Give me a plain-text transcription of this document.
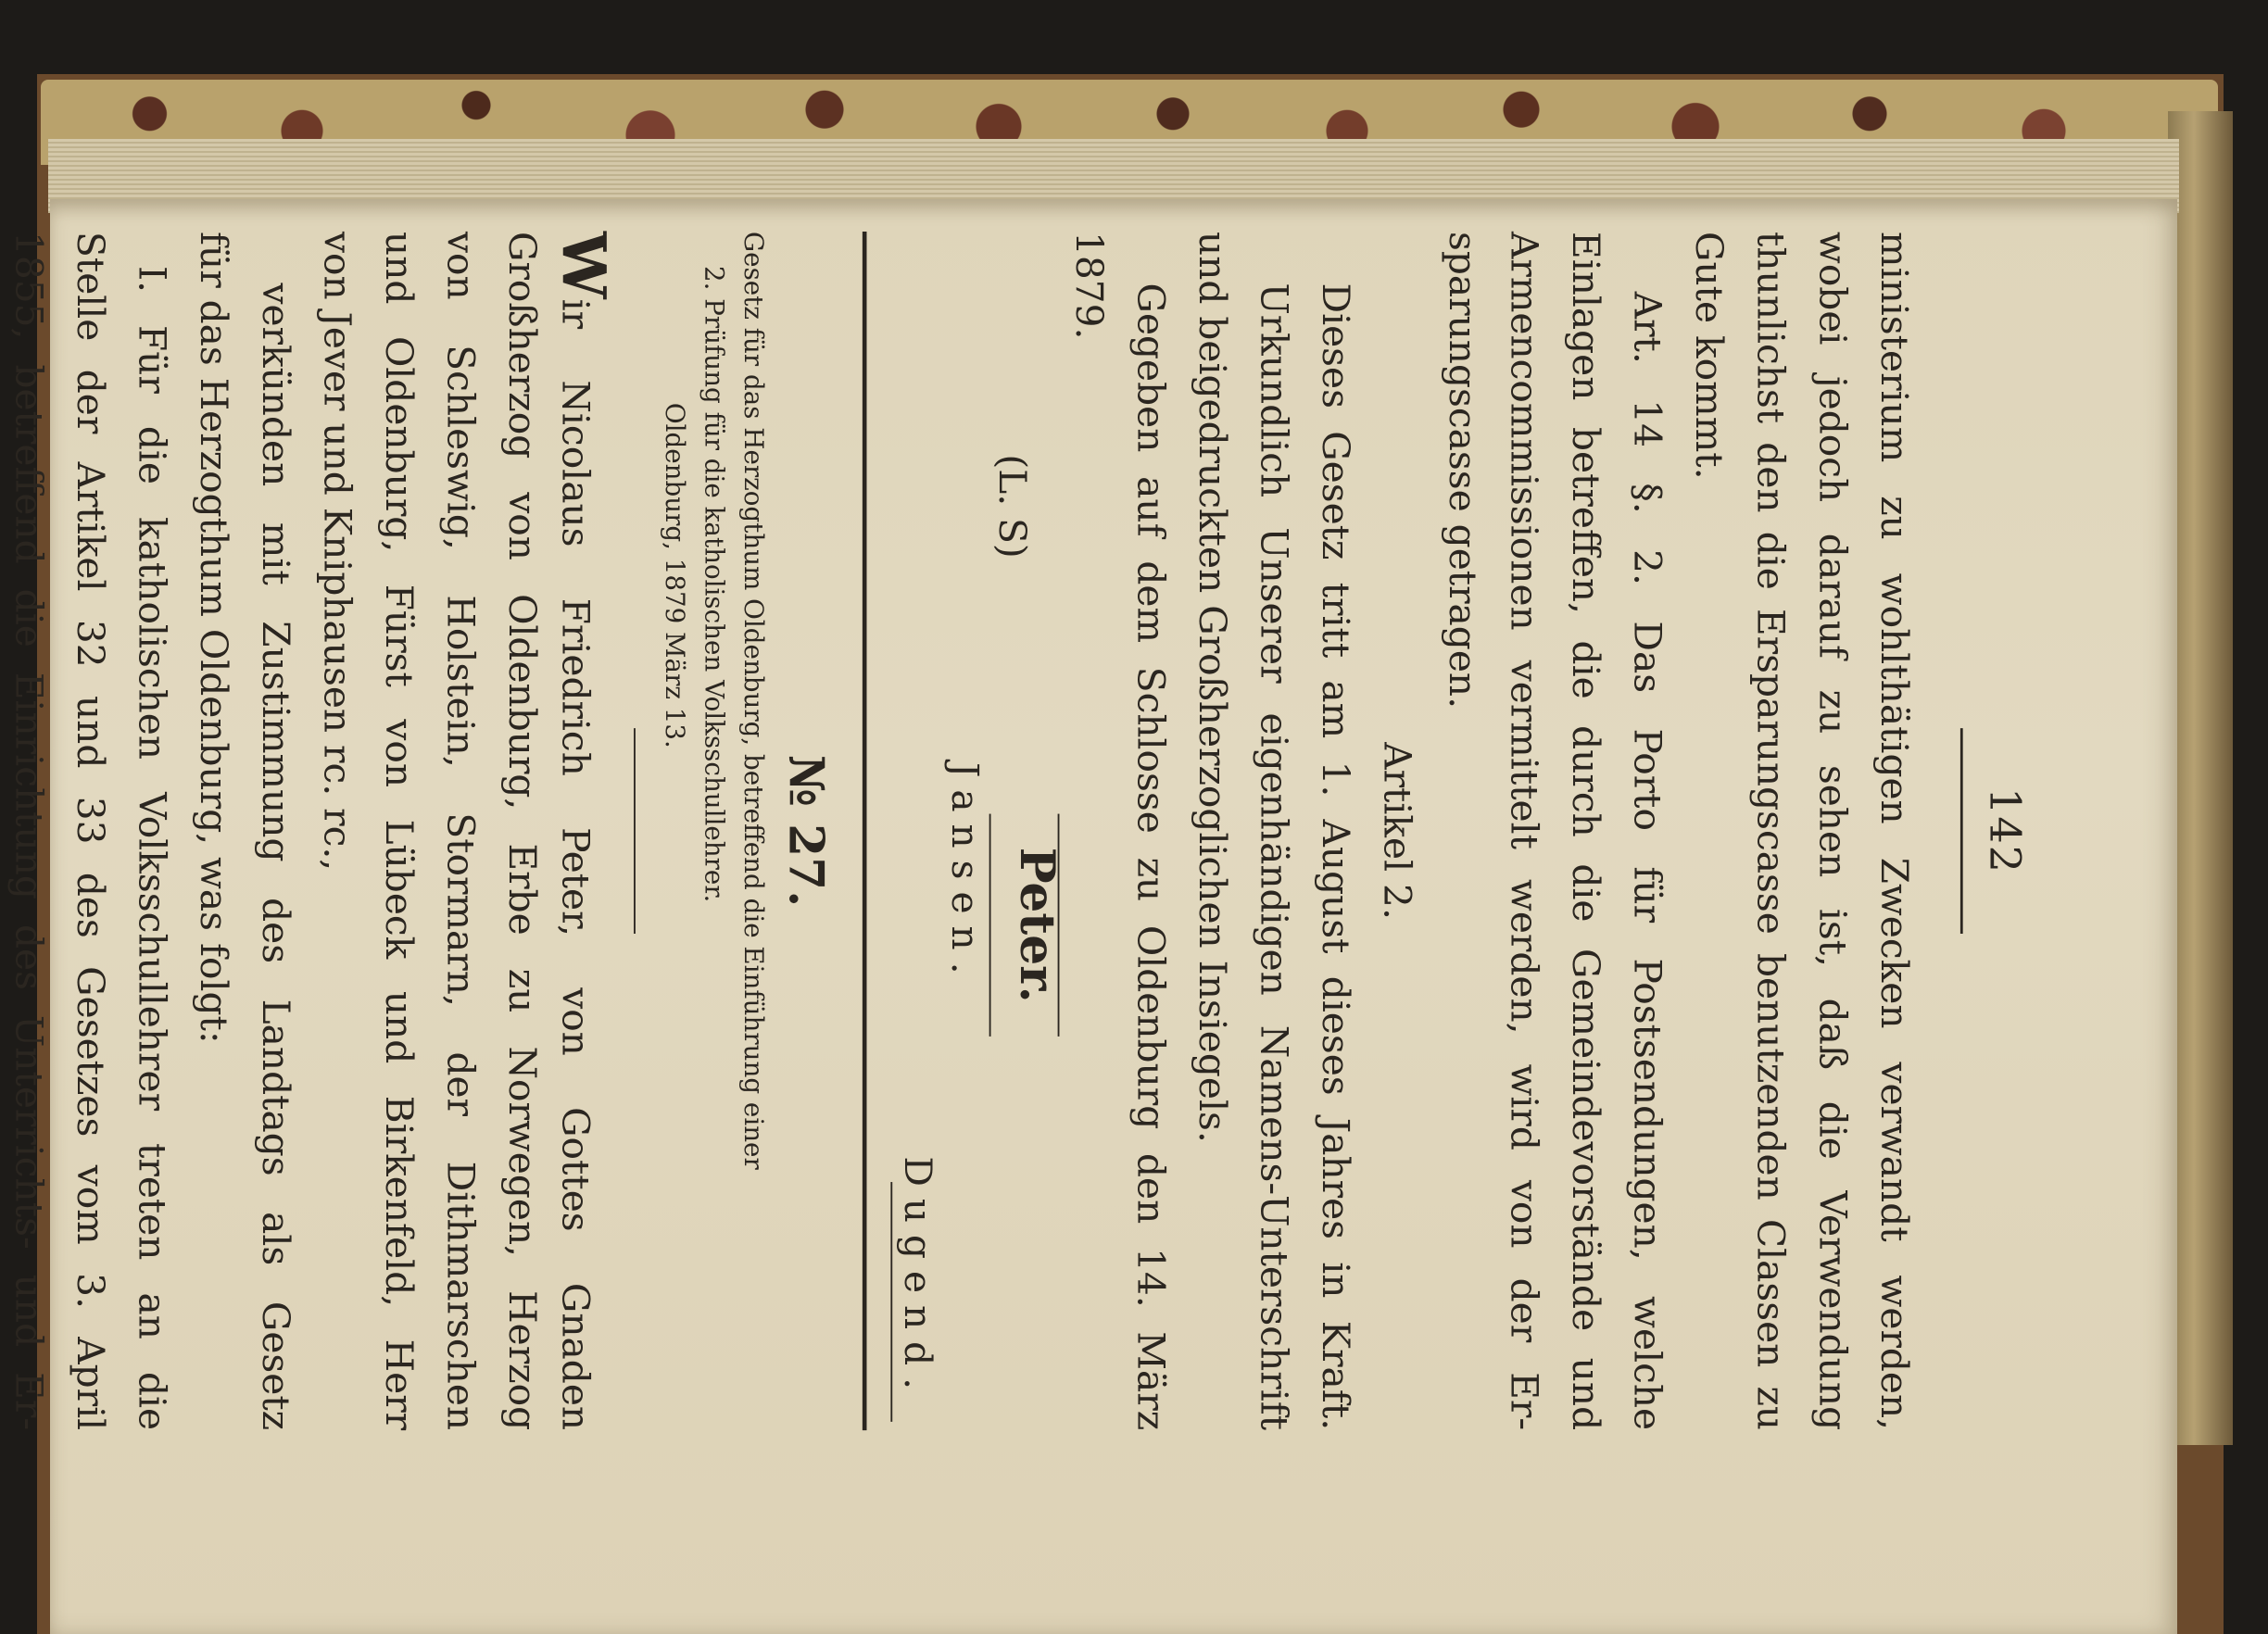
142
ministerium zu wohlthätigen Zwecken verwandt werden,
wobei jedoch darauf zu sehen ist, daß die Verwendung
thunlichst den die Ersparungscasse benutzenden Classen zu
Gute kommt.
Art. 14 §. 2. Das Porto für Postsendungen, welche
Einlagen betreffen, die durch die Gemeindevorstände und
Armencommissionen vermittelt werden, wird von der Er-
sparungscasse getragen.
Artikel 2.
Dieses Gesetz tritt am 1. August dieses Jahres in Kraft.
Urkundlich Unserer eigenhändigen Namens-Unterschrift
und beigedruckten Großherzoglichen Insiegels.
Gegeben auf dem Schlosse zu Oldenburg den 14. März
1879.
(L. S)
Peter.
Jansen.
Dugend.
№ 27.
Gesetz für das Herzogthum Oldenburg, betreffend die Einführung einer
2. Prüfung für die katholischen Volksschullehrer.
Oldenburg, 1879 März 13.
Wir Nicolaus Friedrich Peter, von Gottes Gnaden
Großherzog von Oldenburg, Erbe zu Norwegen, Herzog
von Schleswig, Holstein, Stormarn, der Dithmarschen
und Oldenburg, Fürst von Lübeck und Birkenfeld, Herr
von Jever und Kniphausen rc. rc.,
verkünden mit Zustimmung des Landtags als Gesetz
für das Herzogthum Oldenburg, was folgt:
I. Für die katholischen Volksschullehrer treten an die
Stelle der Artikel 32 und 33 des Gesetzes vom 3. April
1855, betreffend die Einrichtung des Unterrichts- und Er-
